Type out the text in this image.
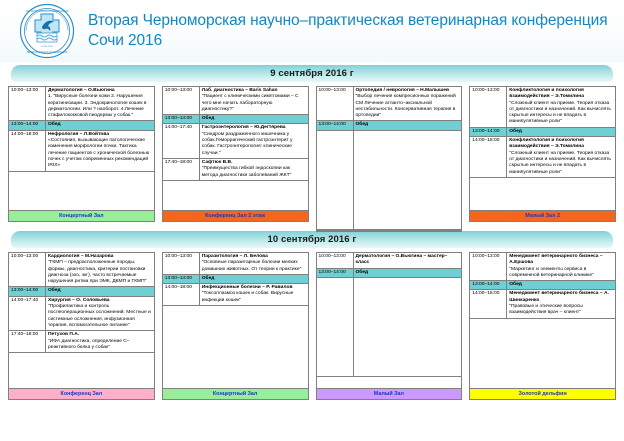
ЧЕРНОМОРСКАЯ КОНФЕРЕНЦИЯ
ВЕТЕРИНАРНАЯ АССОЦИАЦИЯ
СОЧИ 2016
Вторая Черноморская научно–практическая ветеринарная конференция Сочи 2016
9 сентября 2016 г
10:00–13:00	Дерматология – О.Вьюгина
1. "Вирусные болезни кожи 2. Нарушения кератинизации. 3. Эндокринология кошек в дерматологии. Или ? наоборот. 4.Лечение стафилококковой пиодермы у собак."

13:00–14:00	Обед
14:00–18:00	Нефрология – Л.Войтова
«Состояния, вызывающие патологические изменения морфологии почки. Тактика лечение пациентов с хронической болезнью почек с учетом современных рекомендаций IRIS»
Концертный Зал
10:00–13:00	Лаб. диагностика – Baris Sahan
"Пациент с клиническими симптомами – С чего мне начать лабораторную диагностику?"

13:00–14:00	Обед
14:00–17:40	Гастроэнтерология – Ю.Дегтярева
"Синдром раздраженного кишечника у собак.Геморрагический гастроэнтерит у собак. Гастроэнтерология: клинические случаи."

17:40–18:00	Сафтюк В.В.
"Преимущества гибкой эндоскопии как метода диагностики заболеваний ЖКТ"
Конференц Зал 2 этаж
10:00–13:00	Ортопедия / неврология – Н.Малышев
"Выбор лечения компресионных поражений СМ Лечение атланто–аксиальной нестабильности. Консервативная терапия в ортопедии"

13:00–14:00	Обед

10:00–13:00	Конфликтология и психология взаимодействия – Э.Томилина
"Сложный клиент на приеме. Теория отказа от диагностики и назначений. Как вычислять скрытые интересы и не впадать в манипулятивные роли"

13:00–14:00	Обед
14:00–18:00	Конфликтология и психология взаимодействия – Э.Томилина
"Сложный клиент на приеме. Теория отказа от диагностики и назначений. Как вычислять скрытые интересы и не впадать в манипулятивные роли"
Малый Зал 2
10 сентября 2016 г
10:00–13:00	Кардиология – М.Назарова
"ГКМП – предрасположенные породы, формы, диагностика, критерии постановки диагноза (эхо, экг), часто встречаемые нарушения ритма при ЭМК, ДКМП и ГКМП"

13:00–14:00	Обед
14:00–17:40	Хирургия – О. Соловьева
"Профилактика и контроль послеоперационных осложнений. Местные и системные осложнения, инфузионная терапия, вспомогательное питание"

17:40–18:00	Петухов П.А.
"ИФА диагностика, определение С–реактивного белка у собак"
Конференц Зал
10:00–13:00	Паразитология – Л. Белова
"Основные паразитарные болезни мелких домашних животных. От теории к практике"

13:00–14:00	Обед
14:00–18:00	Инфекционные болезни – Р. Равилов
"Токсоплазмоз кошек и собак. Вирусные инфекции кошек"
Концертный Зал
10:00–13:00	Дерматология – О.Вьюгина – мастер–класс

13:00–14:00	Обед

Малый Зал
10:00–13:00	Менеджмент ветеринарного бизнеса – А.Ершова
"Маркетинг и элементы сервиса в современной ветеринарной клинике"

13:00–14:00	Обед
14:00–18:00	Менеджмент ветеринарного бизнеса – А. Шинкаренко
"Правовые и этические вопросы взаимодействия врач – клиент"
Золотой дельфин
